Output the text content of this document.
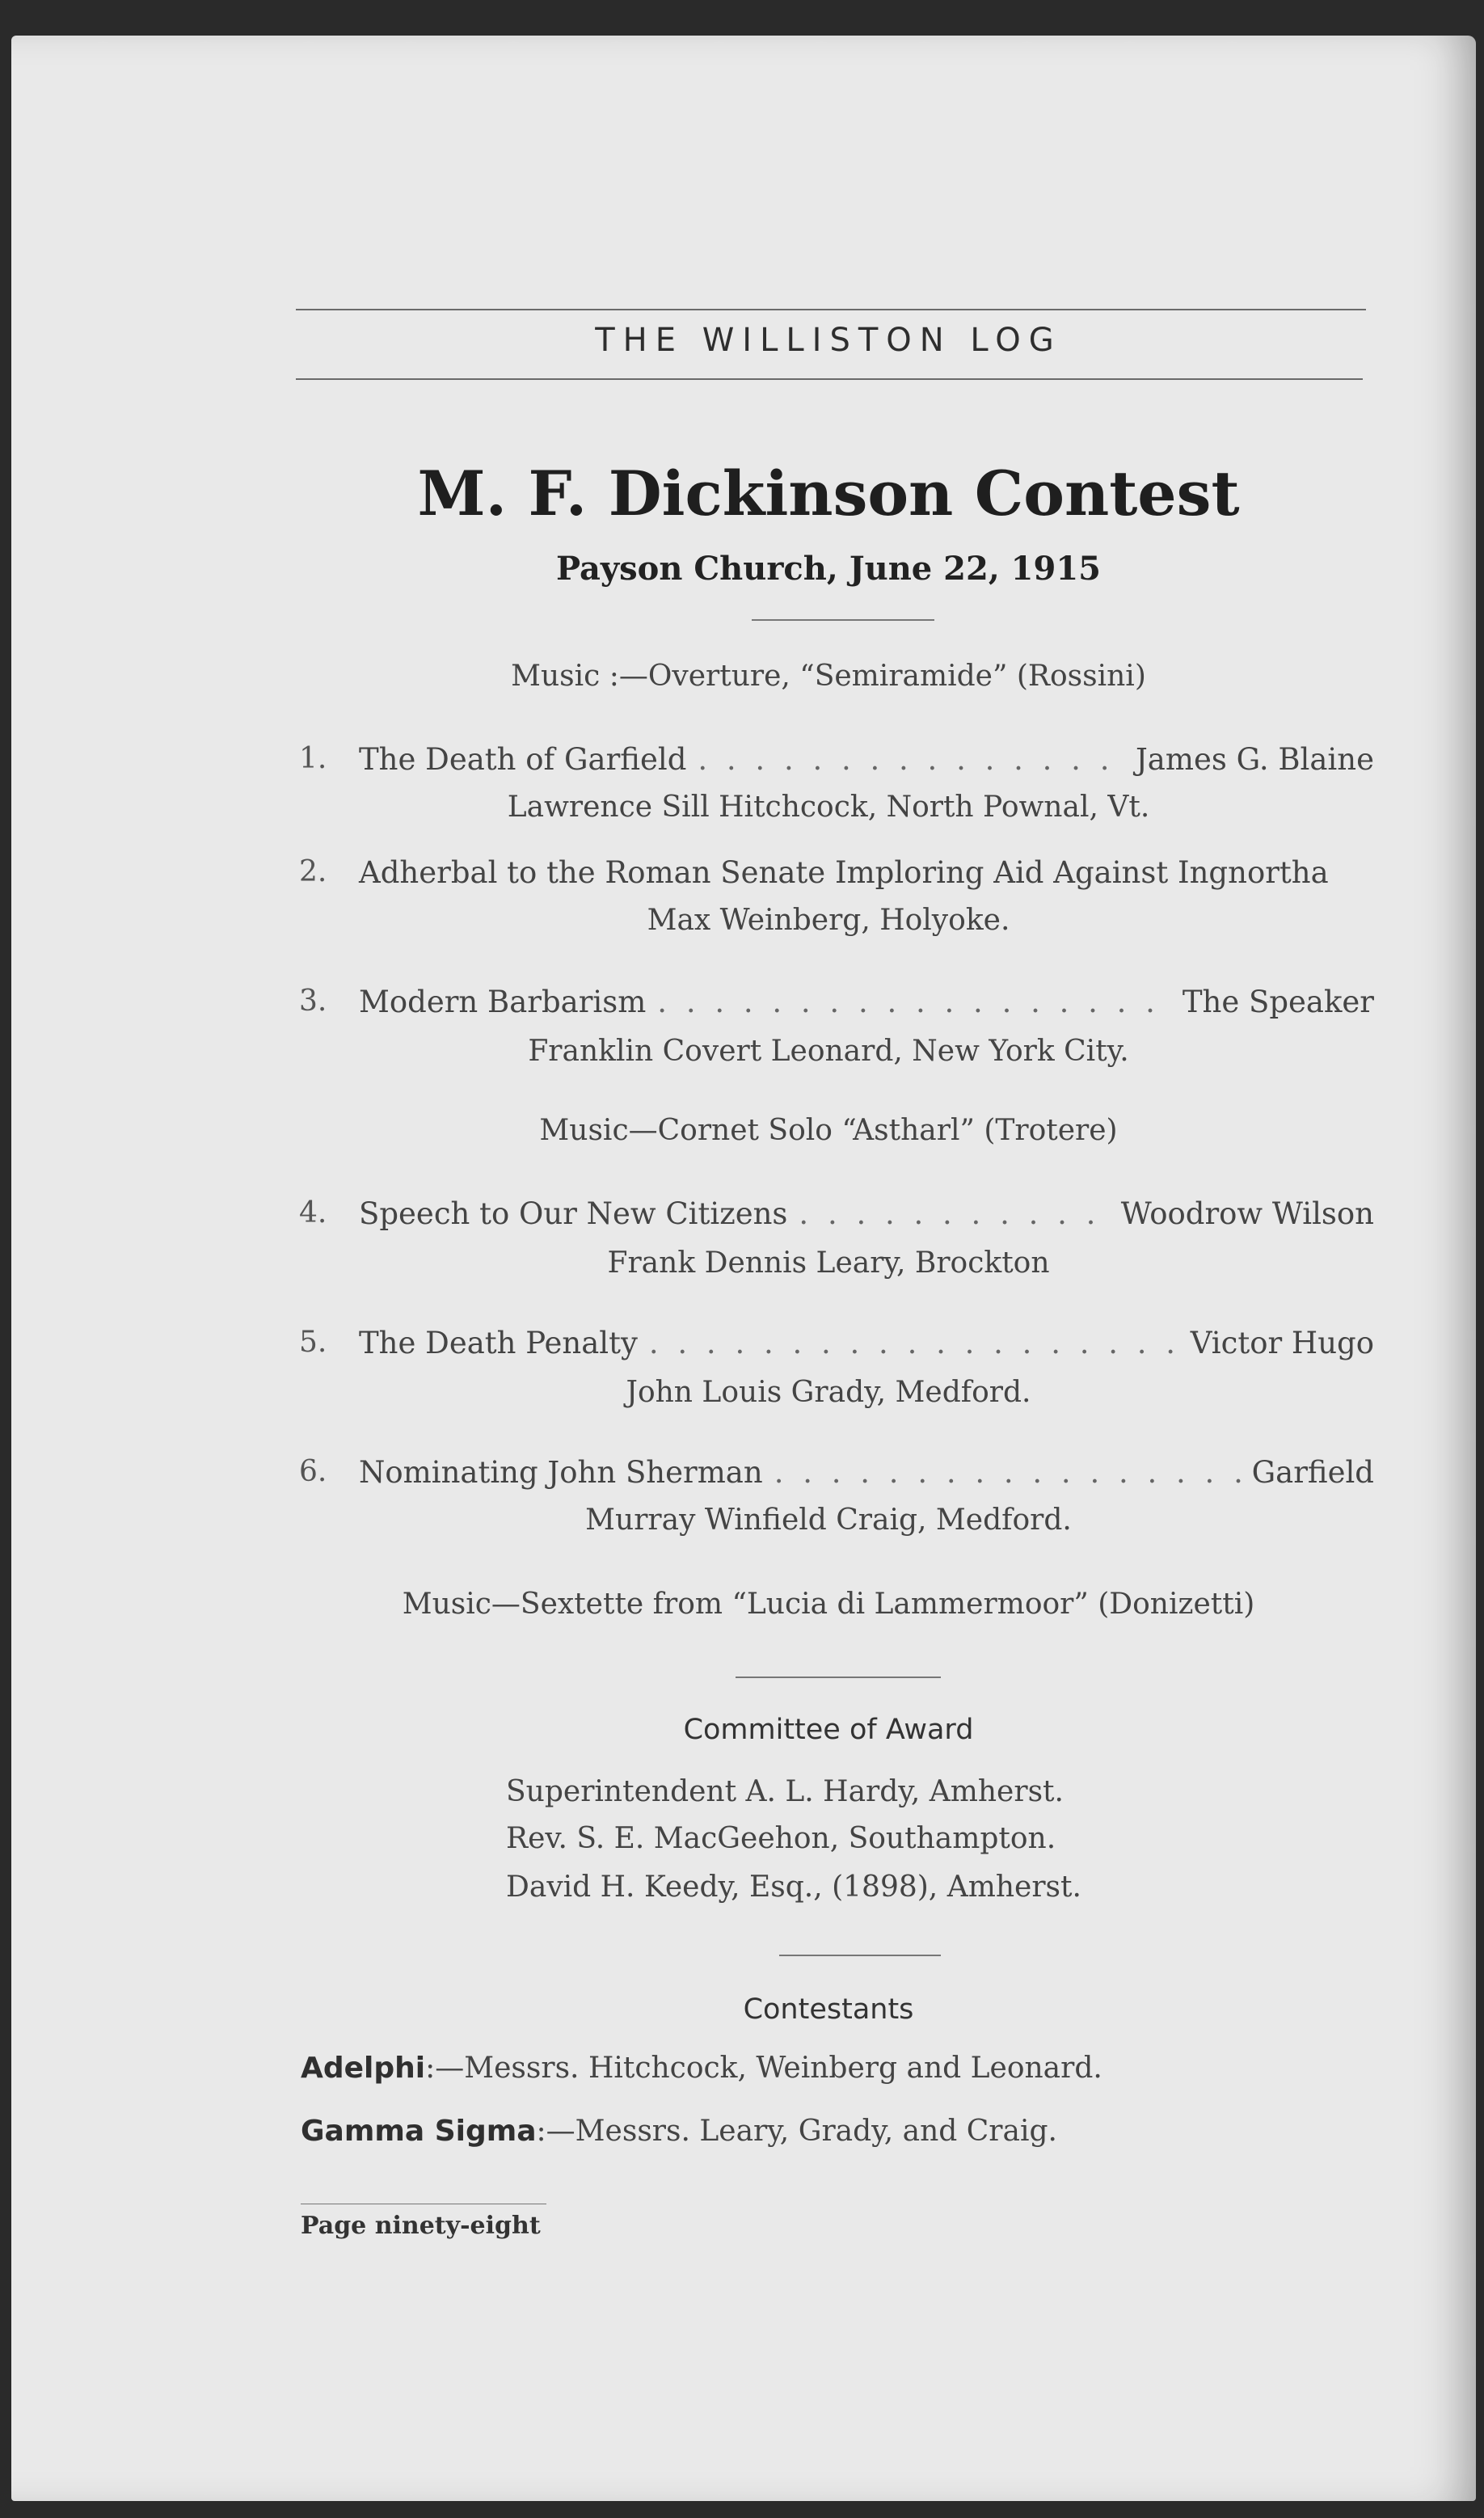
THE WILLISTON LOG
M. F. Dickinson Contest
Payson Church, June 22, 1915
Music :—Overture, “Semiramide” (Rossini)
1. The Death of Garfield . . .	James G. Blaine
Lawrence Sill Hitchcock, North Pownal, Vt.
2. Adherbal to the Roman Senate Imploring Aid Against Ingnortha
Max Weinberg, Holyoke.
3. Modern Barbarism . . .	The Speaker
Franklin Covert Leonard, New York City.
Music—Cornet Solo “Astharl” (Trotere)
4. Speech to Our New Citizens . . .	Woodrow Wilson
Frank Dennis Leary, Brockton
5. The Death Penalty . . .	Victor Hugo
John Louis Grady, Medford.
6. Nominating John Sherman . . .	Garfield
Murray Winfield Craig, Medford.
Music—Sextette from “Lucia di Lammermoor” (Donizetti)
Committee of Award
Superintendent A. L. Hardy, Amherst.
Rev. S. E. MacGeehon, Southampton.
David H. Keedy, Esq., (1898), Amherst.
Contestants
Adelphi:—Messrs. Hitchcock, Weinberg and Leonard.
Gamma Sigma:—Messrs. Leary, Grady, and Craig.
Page ninety-eight
